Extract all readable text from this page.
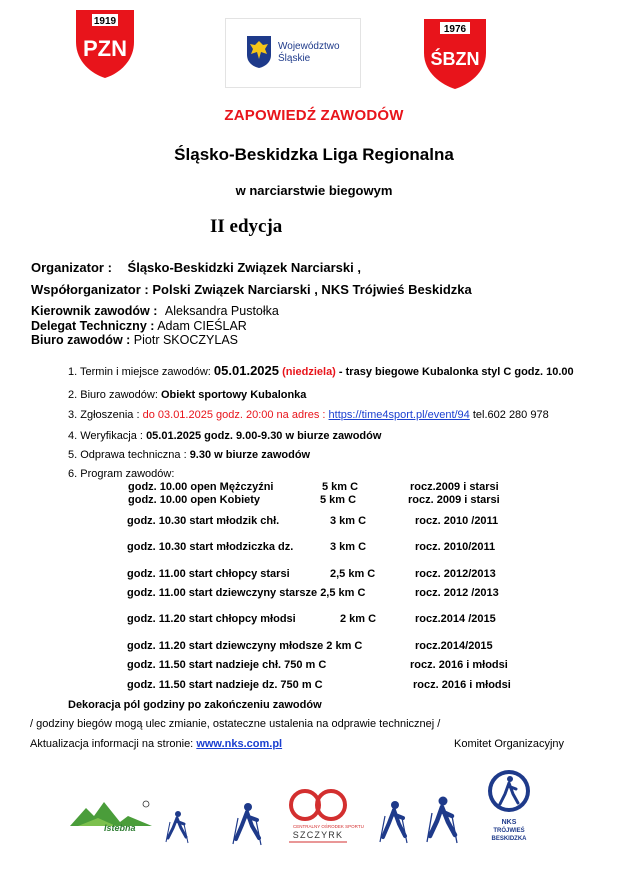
1919
PZN	Województwo
Śląskie
1976
ŚBZN
ZAPOWIEDŹ ZAWODÓW
Śląsko-Beskidzka Liga Regionalna
w narciarstwie biegowym
II edycja
Organizator : Śląsko-Beskidzki Związek Narciarski ,
Współorganizator : Polski Związek Narciarski , NKS Trójwieś Beskidzka
Kierownik zawodów : Aleksandra Pustołka
Delegat Techniczny : Adam CIEŚLAR
Biuro zawodów : Piotr SKOCZYLAS
1. Termin i miejsce zawodów: 05.01.2025 (niedziela) - trasy biegowe Kubalonka styl C godz. 10.00
2. Biuro zawodów: Obiekt sportowy Kubalonka
3. Zgłoszenia : do 03.01.2025 godz. 20:00 na adres : https://time4sport.pl/event/94 tel.602 280 978
4. Weryfikacja : 05.01.2025 godz. 9.00-9.30 w biurze zawodów
5. Odprawa techniczna : 9.30 w biurze zawodów
6. Program zawodów:
godz. 10.00 open Mężczyźni	5 km C	rocz.2009 i starsi
godz. 10.00 open Kobiety	5 km C	rocz. 2009 i starsi
godz. 10.30 start młodzik chł.	3 km C	rocz. 2010 /2011
godz. 10.30 start młodziczka dz.	3 km C	rocz. 2010/2011
godz. 11.00 start chłopcy starsi	2,5 km C	rocz. 2012/2013
godz. 11.00 start dziewczyny starsze 2,5 km C	rocz. 2012 /2013
godz. 11.20 start chłopcy młodsi	2 km C	rocz.2014 /2015
godz. 11.20 start dziewczyny młodsze 2 km C	rocz.2014/2015
godz. 11.50 start nadzieje chł. 750 m C	rocz. 2016 i młodsi
godz. 11.50 start nadzieje dz. 750 m C	rocz. 2016 i młodsi
Dekoracja pól godziny po zakończeniu zawodów
/ godziny biegów mogą ulec zmianie, ostateczne ustalenia na odprawie technicznej /
Aktualizacja informacji na stronie: www.nks.com.pl	Komitet Organizacyjny
Istebna	CENTRALNY OŚRODEK SPORTU
SZCZYRK
NKS
TRÓJWIEŚ
BESKIDZKA
